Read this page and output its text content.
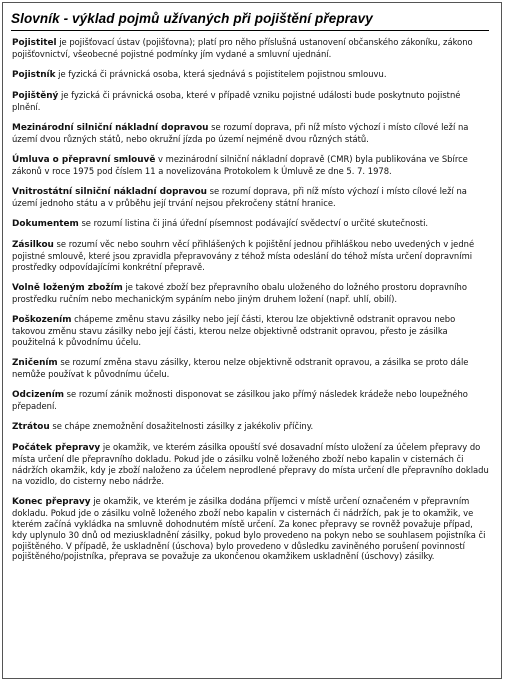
Slovník - výklad pojmů užívaných při pojištění přepravy

Pojistitel je pojišťovací ústav (pojišťovna); platí pro něho příslušná ustanovení občanského zákoníku, zákono pojišťovnictví, všeobecné pojistné podmínky jím vydané a smluvní ujednání.

Pojistník je fyzická či právnická osoba, která sjednává s pojistitelem pojistnou smlouvu.

Pojištěný je fyzická či právnická osoba, které v případě vzniku pojistné události bude poskytnuto pojistné plnění.

Mezinárodní silniční nákladní dopravou se rozumí doprava, při níž místo výchozí i místo cílové leží na území dvou různých států, nebo okružní jízda po území nejméně dvou různých států.

Úmluva o přepravní smlouvě v mezinárodní silniční nákladní dopravě (CMR) byla publikována ve Sbírce zákonů v roce 1975 pod číslem 11 a novelizována Protokolem k Úmluvě ze dne 5. 7. 1978.

Vnitrostátní silniční nákladní dopravou se rozumí doprava, při níž místo výchozí i místo cílové leží na území jednoho státu a v průběhu její trvání nejsou překročeny státní hranice.

Dokumentem se rozumí listina či jiná úřední písemnost podávající svědectví o určité skutečnosti.

Zásilkou se rozumí věc nebo souhrn věcí přihlášených k pojištění jednou přihláškou nebo uvedených v jedné pojistné smlouvě, které jsou zpravidla přepravovány z téhož místa odeslání do téhož místa určení dopravními prostředky odpovídajícími konkrétní přepravě.

Volně loženým zbožím je takové zboží bez přepravního obalu uloženého do ložného prostoru dopravního prostředku ručním nebo mechanickým sypáním nebo jiným druhem ložení (např. uhlí, obilí).

Poškozením chápeme změnu stavu zásilky nebo její části, kterou lze objektivně odstranit opravou nebo takovou změnu stavu zásilky nebo její části, kterou nelze objektivně odstranit opravou, přesto je zásilka použitelná k původnímu účelu.

Zničením se rozumí změna stavu zásilky, kterou nelze objektivně odstranit opravou, a zásilka se proto dále nemůže používat k původnímu účelu.

Odcizením se rozumí zánik možnosti disponovat se zásilkou jako přímý následek krádeže nebo loupežného přepadení.

Ztrátou se chápe znemožnění dosažitelnosti zásilky z jakékoliv příčiny.

Počátek přepravy je okamžik, ve kterém zásilka opouští své dosavadní místo uložení za účelem přepravy do místa určení dle přepravního dokladu. Pokud jde o zásilku volně loženého zboží nebo kapalin v cisternách či nádržích okamžik, kdy je zboží naloženo za účelem neprodlené přepravy do místa určení dle přepravního dokladu na vozidlo, do cisterny nebo nádrže.

Konec přepravy je okamžik, ve kterém je zásilka dodána příjemci v místě určení označeném v přepravním dokladu. Pokud jde o zásilku volně loženého zboží nebo kapalin v cisternách či nádržích, pak je to okamžik, ve kterém začíná vykládka na smluvně dohodnutém místě určení. Za konec přepravy se rovněž považuje případ, kdy uplynulo 30 dnů od meziuskladnění zásilky, pokud bylo provedeno na pokyn nebo se souhlasem pojistníka či pojištěného. V případě, že uskladnění (úschova) bylo provedeno v důsledku zaviněného porušení povinností pojištěného/pojistníka, přeprava se považuje za ukončenou okamžikem uskladnění (úschovy) zásilky.
